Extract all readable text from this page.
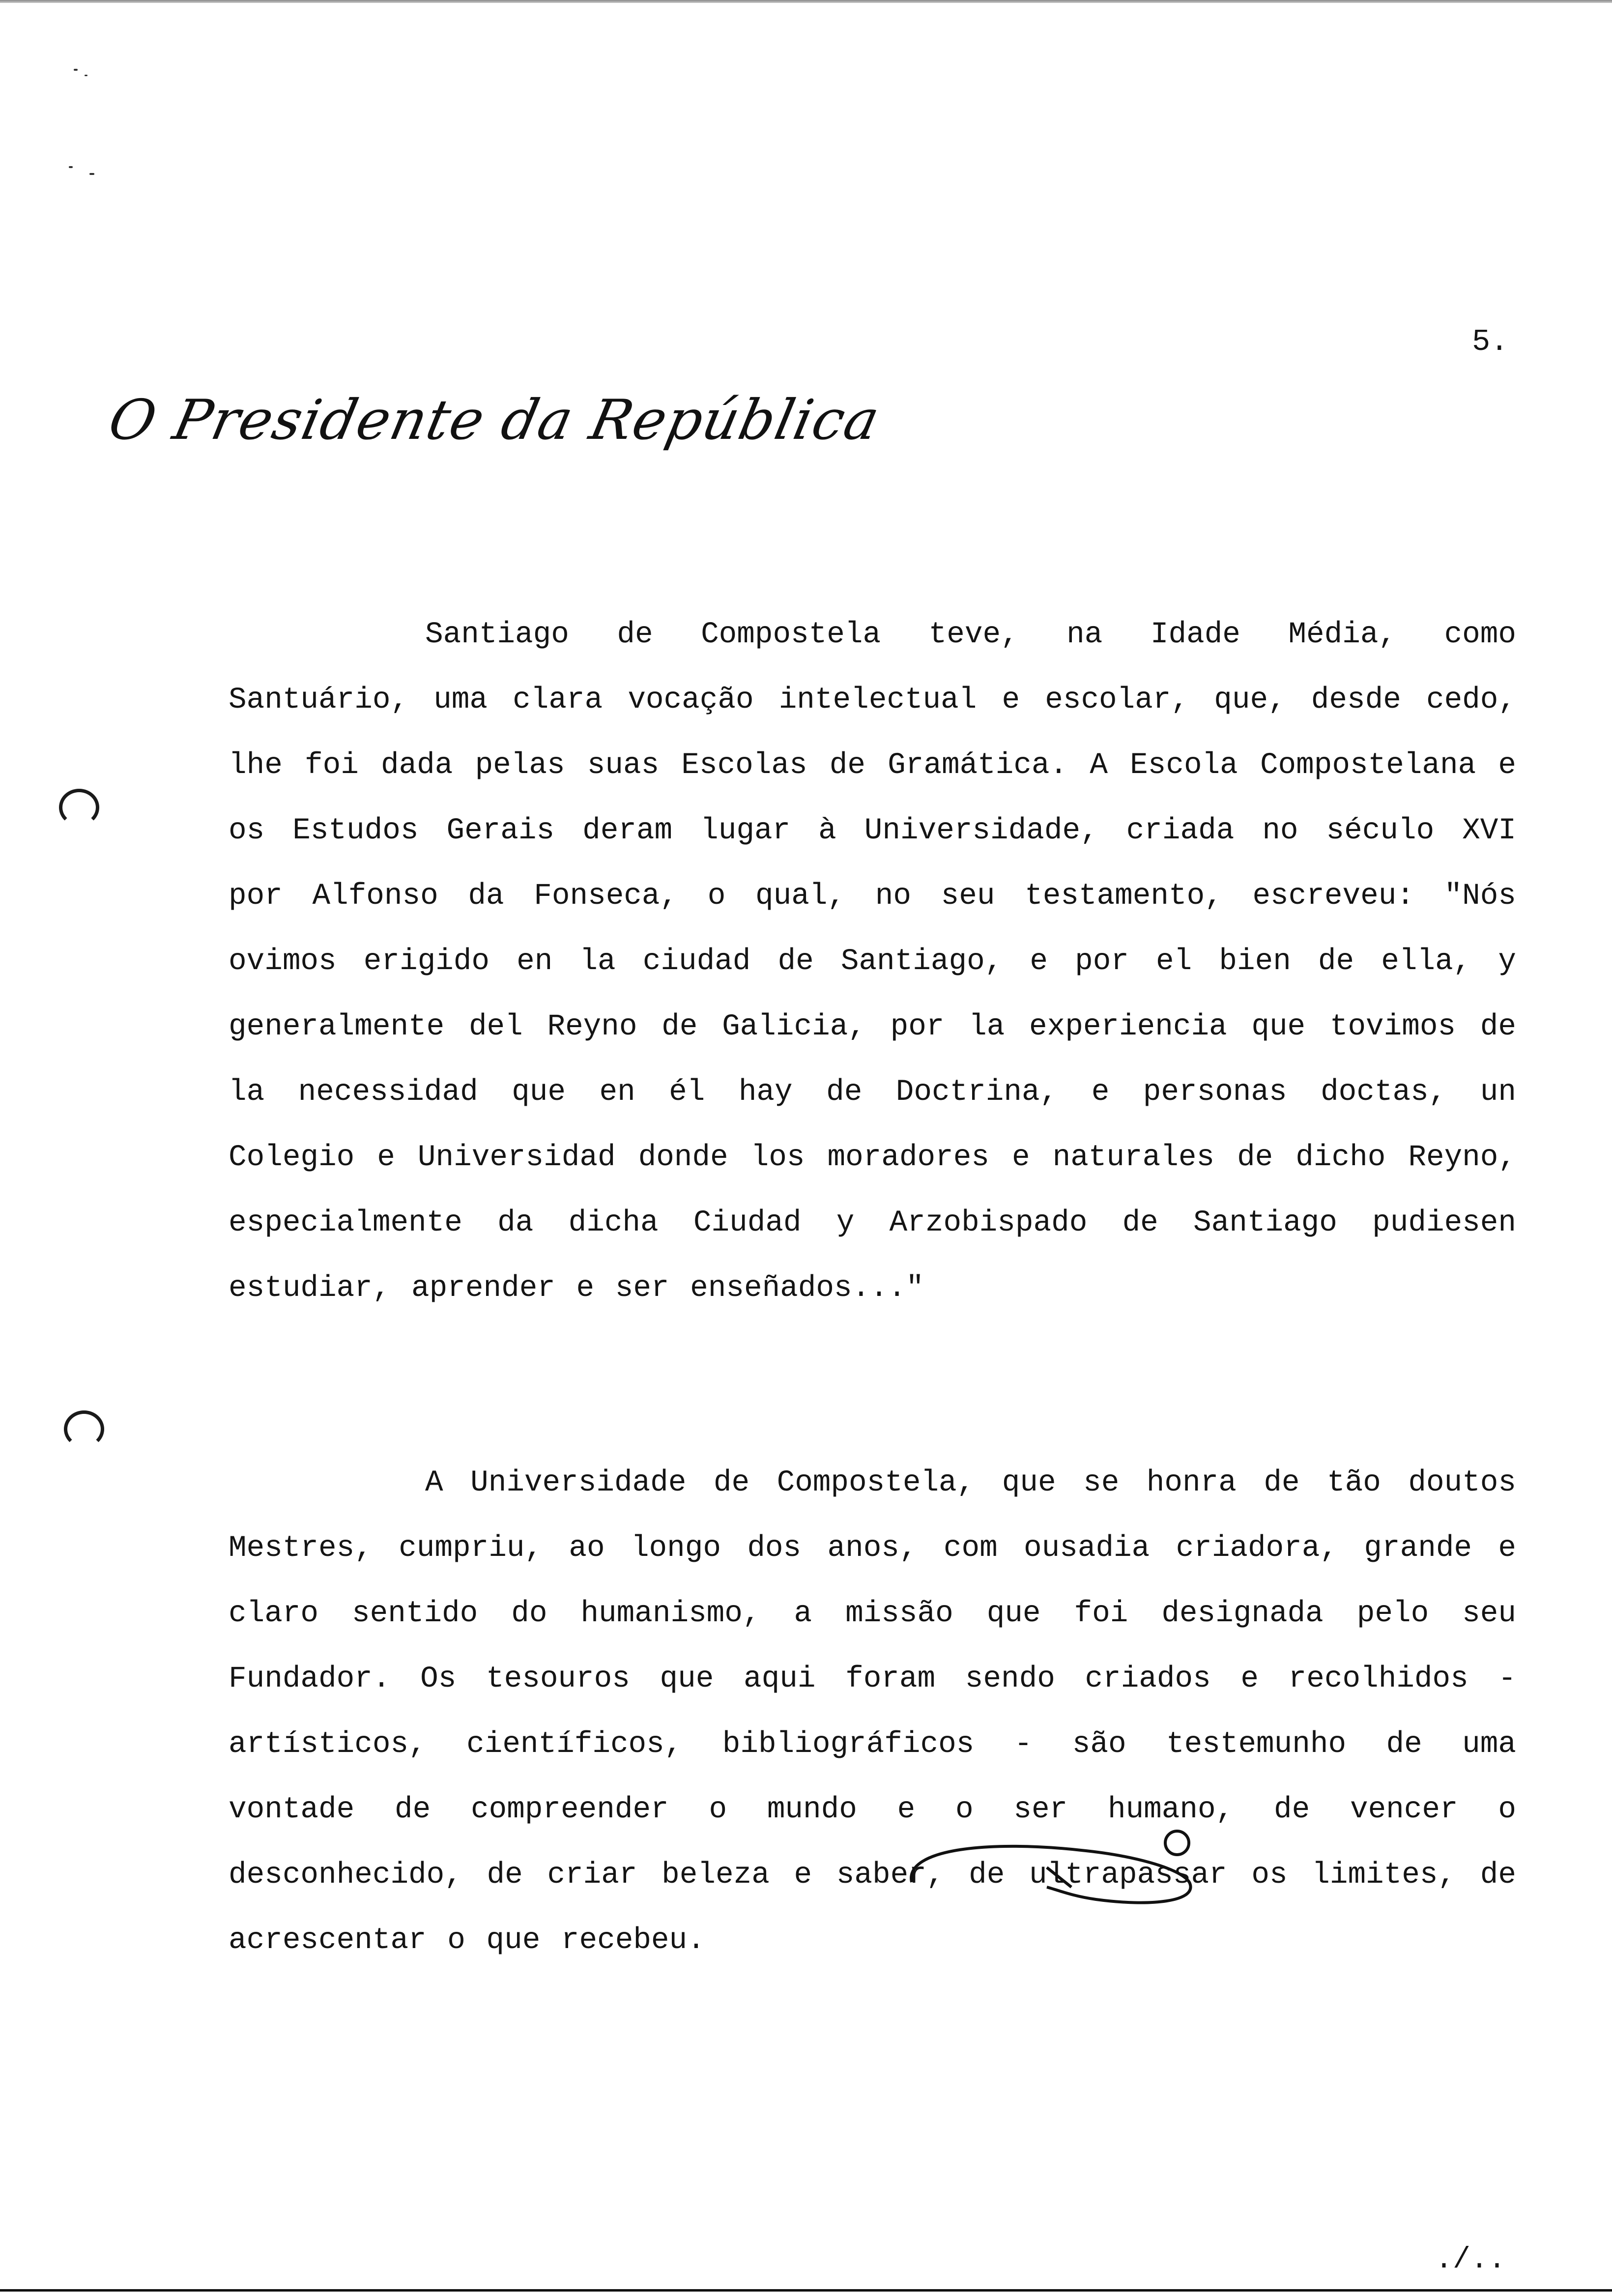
5.

O Presidente da República

Santiago de Compostela teve, na Idade Média, como Santuário, uma clara vocação intelectual e escolar, que, desde cedo, lhe foi dada pelas suas Escolas de Gramática. A Escola Compostelana e os Estudos Gerais deram lugar à Universidade, criada no século XVI por Alfonso da Fonseca, o qual, no seu testamento, escreveu: "Nós ovimos erigido en la ciudad de Santiago, e por el bien de ella, y generalmente del Reyno de Galicia, por la experiencia que tovimos de la necessidad que en él hay de Doctrina, e personas doctas, un Colegio e Universidad donde los moradores e naturales de dicho Reyno, especialmente da dicha Ciudad y Arzobispado de Santiago pudiesen estudiar, aprender e ser enseñados..."

A Universidade de Compostela, que se honra de tão doutos Mestres, cumpriu, ao longo dos anos, com ousadia criadora, grande e claro sentido do humanismo, a missão que foi designada pelo seu Fundador. Os tesouros que aqui foram sendo criados e recolhidos - artísticos, científicos, bibliográficos - são testemunho de uma vontade de compreender o mundo e o ser humano, de vencer o desconhecido, de criar beleza e saber, de ultrapassar os limites, de acrescentar o que recebeu.

./..
